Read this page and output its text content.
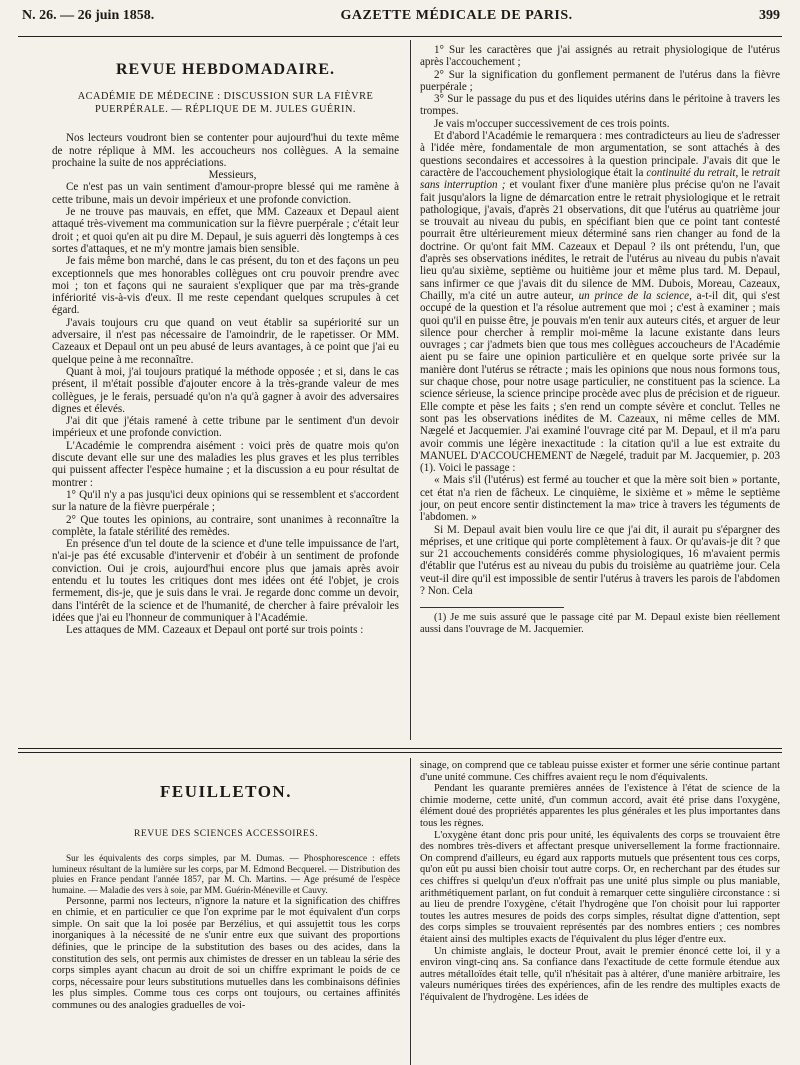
N. 26. — 26 juin 1858.	GAZETTE MÉDICALE DE PARIS.	399
REVUE HEBDOMADAIRE.
ACADÉMIE DE MÉDECINE : DISCUSSION SUR LA FIÈVRE PUERPÉRALE. — RÉPLIQUE DE M. JULES GUÉRIN.

Nos lecteurs voudront bien se contenter pour aujourd'hui du texte même de notre réplique à MM. les accoucheurs nos collègues. A la semaine prochaine la suite de nos appréciations.

Messieurs,

Ce n'est pas un vain sentiment d'amour-propre blessé qui me ramène à cette tribune, mais un devoir impérieux et une profonde conviction.

Je ne trouve pas mauvais, en effet, que MM. Cazeaux et Depaul aient attaqué très-vivement ma communication sur la fièvre puerpérale ; c'était leur droit ; et quoi qu'en ait pu dire M. Depaul, je suis aguerri dès longtemps à ces sortes d'attaques, et ne m'y montre jamais bien sensible.

Je fais même bon marché, dans le cas présent, du ton et des façons un peu exceptionnels que mes honorables collègues ont cru pouvoir prendre avec moi ; ton et façons qui ne sauraient s'expliquer que par ma très-grande infériorité vis-à-vis d'eux. Il me reste cependant quelques scrupules à cet égard.

J'avais toujours cru que quand on veut établir sa supériorité sur un adversaire, il n'est pas nécessaire de l'amoindrir, de le rapetisser. Or MM. Cazeaux et Depaul ont un peu abusé de leurs avantages, à ce point que j'ai eu quelque peine à me reconnaître.

Quant à moi, j'ai toujours pratiqué la méthode opposée ; et si, dans le cas présent, il m'était possible d'ajouter encore à la très-grande valeur de mes collègues, je le ferais, persuadé qu'on n'a qu'à gagner à avoir des adversaires dignes et élevés.

J'ai dit que j'étais ramené à cette tribune par le sentiment d'un devoir impérieux et une profonde conviction.

L'Académie le comprendra aisément : voici près de quatre mois qu'on discute devant elle sur une des maladies les plus graves et les plus terribles qui puissent affecter l'espèce humaine ; et la discussion a eu pour résultat de montrer :

1° Qu'il n'y a pas jusqu'ici deux opinions qui se ressemblent et s'accordent sur la nature de la fièvre puerpérale ;

2° Que toutes les opinions, au contraire, sont unanimes à reconnaître la complète, la fatale stérilité des remèdes.

En présence d'un tel doute de la science et d'une telle impuissance de l'art, n'ai-je pas été excusable d'intervenir et d'obéir à un sentiment de profonde conviction. Oui je crois, aujourd'hui encore plus que jamais après avoir entendu et lu toutes les critiques dont mes idées ont été l'objet, je crois fermement, dis-je, que je suis dans le vrai. Je regarde donc comme un devoir, dans l'intérêt de la science et de l'humanité, de chercher à faire prévaloir les idées que j'ai eu l'honneur de communiquer à l'Académie.

Les attaques de MM. Cazeaux et Depaul ont porté sur trois points :

1° Sur les caractères que j'ai assignés au retrait physiologique de l'utérus après l'accouchement ;

2° Sur la signification du gonflement permanent de l'utérus dans la fièvre puerpérale ;

3° Sur le passage du pus et des liquides utérins dans le péritoine à travers les trompes.

Je vais m'occuper successivement de ces trois points.

Et d'abord l'Académie le remarquera : mes contradicteurs au lieu de s'adresser à l'idée mère, fondamentale de mon argumentation, se sont attachés à des questions secondaires et accessoires à la question principale. J'avais dit que le caractère de l'accouchement physiologique était la continuité du retrait, le retrait sans interruption ; et voulant fixer d'une manière plus précise qu'on ne l'avait fait jusqu'alors la ligne de démarcation entre le retrait physiologique et le retrait pathologique, j'avais, d'après 21 observations, dit que l'utérus au quatrième jour se trouvait au niveau du pubis, en spécifiant bien que ce point tant contesté pourrait être ultérieurement mieux déterminé sans rien changer au fond de la doctrine. Or qu'ont fait MM. Cazeaux et Depaul ? ils ont prétendu, l'un, que d'après ses observations inédites, le retrait de l'utérus au niveau du pubis n'avait lieu qu'au sixième, septième ou huitième jour et même plus tard. M. Depaul, sans infirmer ce que j'avais dit du silence de MM. Dubois, Moreau, Cazeaux, Chailly, m'a cité un autre auteur, un prince de la science, a-t-il dit, qui s'est occupé de la question et l'a résolue autrement que moi ; c'est à examiner ; mais quoi qu'il en puisse être, je pouvais m'en tenir aux auteurs cités, et arguer de leur silence pour chercher à remplir moi-même la lacune existante dans leurs ouvrages ; car j'admets bien que tous mes collègues accoucheurs de l'Académie aient pu se faire une opinion particulière et en quelque sorte privée sur la manière dont l'utérus se rétracte ; mais les opinions que nous nous formons tous, sur chaque chose, pour notre usage particulier, ne constituent pas la science. La science sérieuse, la science principe procède avec plus de précision et de rigueur. Elle compte et pèse les faits ; s'en rend un compte sévère et conclut. Telles ne sont pas les observations inédites de M. Cazeaux, ni même celles de MM. Nægelé et Jacquemier. J'ai examiné l'ouvrage cité par M. Depaul, et il m'a paru avoir commis une légère inexactitude : la citation qu'il a lue est extraite du MANUEL D'ACCOUCHEMENT de Nægelé, traduit par M. Jacquemier, p. 203 (1). Voici le passage :

« Mais s'il (l'utérus) est fermé au toucher et que la mère soit bien » portante, cet état n'a rien de fâcheux. Le cinquième, le sixième et » même le septième jour, on peut encore sentir distinctement la ma» trice à travers les téguments de l'abdomen. »

Si M. Depaul avait bien voulu lire ce que j'ai dit, il aurait pu s'épargner des méprises, et une critique qui porte complètement à faux. Or qu'avais-je dit ? que sur 21 accouchements considérés comme physiologiques, 16 m'avaient permis d'établir que l'utérus est au niveau du pubis du troisième au quatrième jour. Cela veut-il dire qu'il est impossible de sentir l'utérus à travers les parois de l'abdomen ? Non. Cela

(1) Je me suis assuré que le passage cité par M. Depaul existe bien réellement aussi dans l'ouvrage de M. Jacquemier.

FEUILLETON.
REVUE DES SCIENCES ACCESSOIRES.

Sur les équivalents des corps simples, par M. Dumas. — Phosphorescence : effets lumineux résultant de la lumière sur les corps, par M. Edmond Becquerel. — Distribution des pluies en France pendant l'année 1857, par M. Ch. Martins. — Age présumé de l'espèce humaine. — Maladie des vers à soie, par MM. Guérin-Méneville et Cauvy.

Personne, parmi nos lecteurs, n'ignore la nature et la signification des chiffres en chimie, et en particulier ce que l'on exprime par le mot équivalent d'un corps simple. On sait que la loi posée par Berzélius, et qui assujettit tous les corps inorganiques à la nécessité de ne s'unir entre eux que suivant des proportions définies, que le principe de la substitution des bases ou des acides, dans la constitution des sels, ont permis aux chimistes de dresser en un tableau la série des corps simples ayant chacun au droit de soi un chiffre exprimant le poids de ce corps, nécessaire pour leurs substitutions mutuelles dans les combinaisons définies les plus simples. Comme tous ces corps ont toujours, ou certaines affinités communes ou des analogies graduelles de voi-

sinage, on comprend que ce tableau puisse exister et former une série continue partant d'une unité commune. Ces chiffres avaient reçu le nom d'équivalents.

Pendant les quarante premières années de l'existence à l'état de science de la chimie moderne, cette unité, d'un commun accord, avait été prise dans l'oxygène, élément doué des propriétés apparentes les plus générales et les plus importantes dans tous les règnes.

L'oxygène étant donc pris pour unité, les équivalents des corps se trouvaient être des nombres très-divers et affectant presque universellement la forme fractionnaire. On comprend d'ailleurs, eu égard aux rapports mutuels que présentent tous ces corps, qu'on eût pu aussi bien choisir tout autre corps. Or, en recherchant par des études sur ces chiffres si quelqu'un d'eux n'offrait pas une unité plus simple ou plus maniable, arithmétiquement parlant, on fut conduit à remarquer cette singulière circonstance : si au lieu de prendre l'oxygène, c'était l'hydrogène que l'on choisit pour lui rapporter toutes les autres mesures de poids des corps simples, résultat digne d'attention, sept des corps simples se trouvaient représentés par des nombres entiers ; ces nombres étaient ainsi des multiples exacts de l'équivalent du plus léger d'entre eux.

Un chimiste anglais, le docteur Prout, avait le premier énoncé cette loi, il y a environ vingt-cinq ans. Sa confiance dans l'exactitude de cette formule étendue aux autres métalloïdes était telle, qu'il n'hésitait pas à altérer, d'une manière arbitraire, les valeurs numériques tirées des expériences, afin de les rendre des multiples exacts de l'équivalent de l'hydrogène. Les idées de
